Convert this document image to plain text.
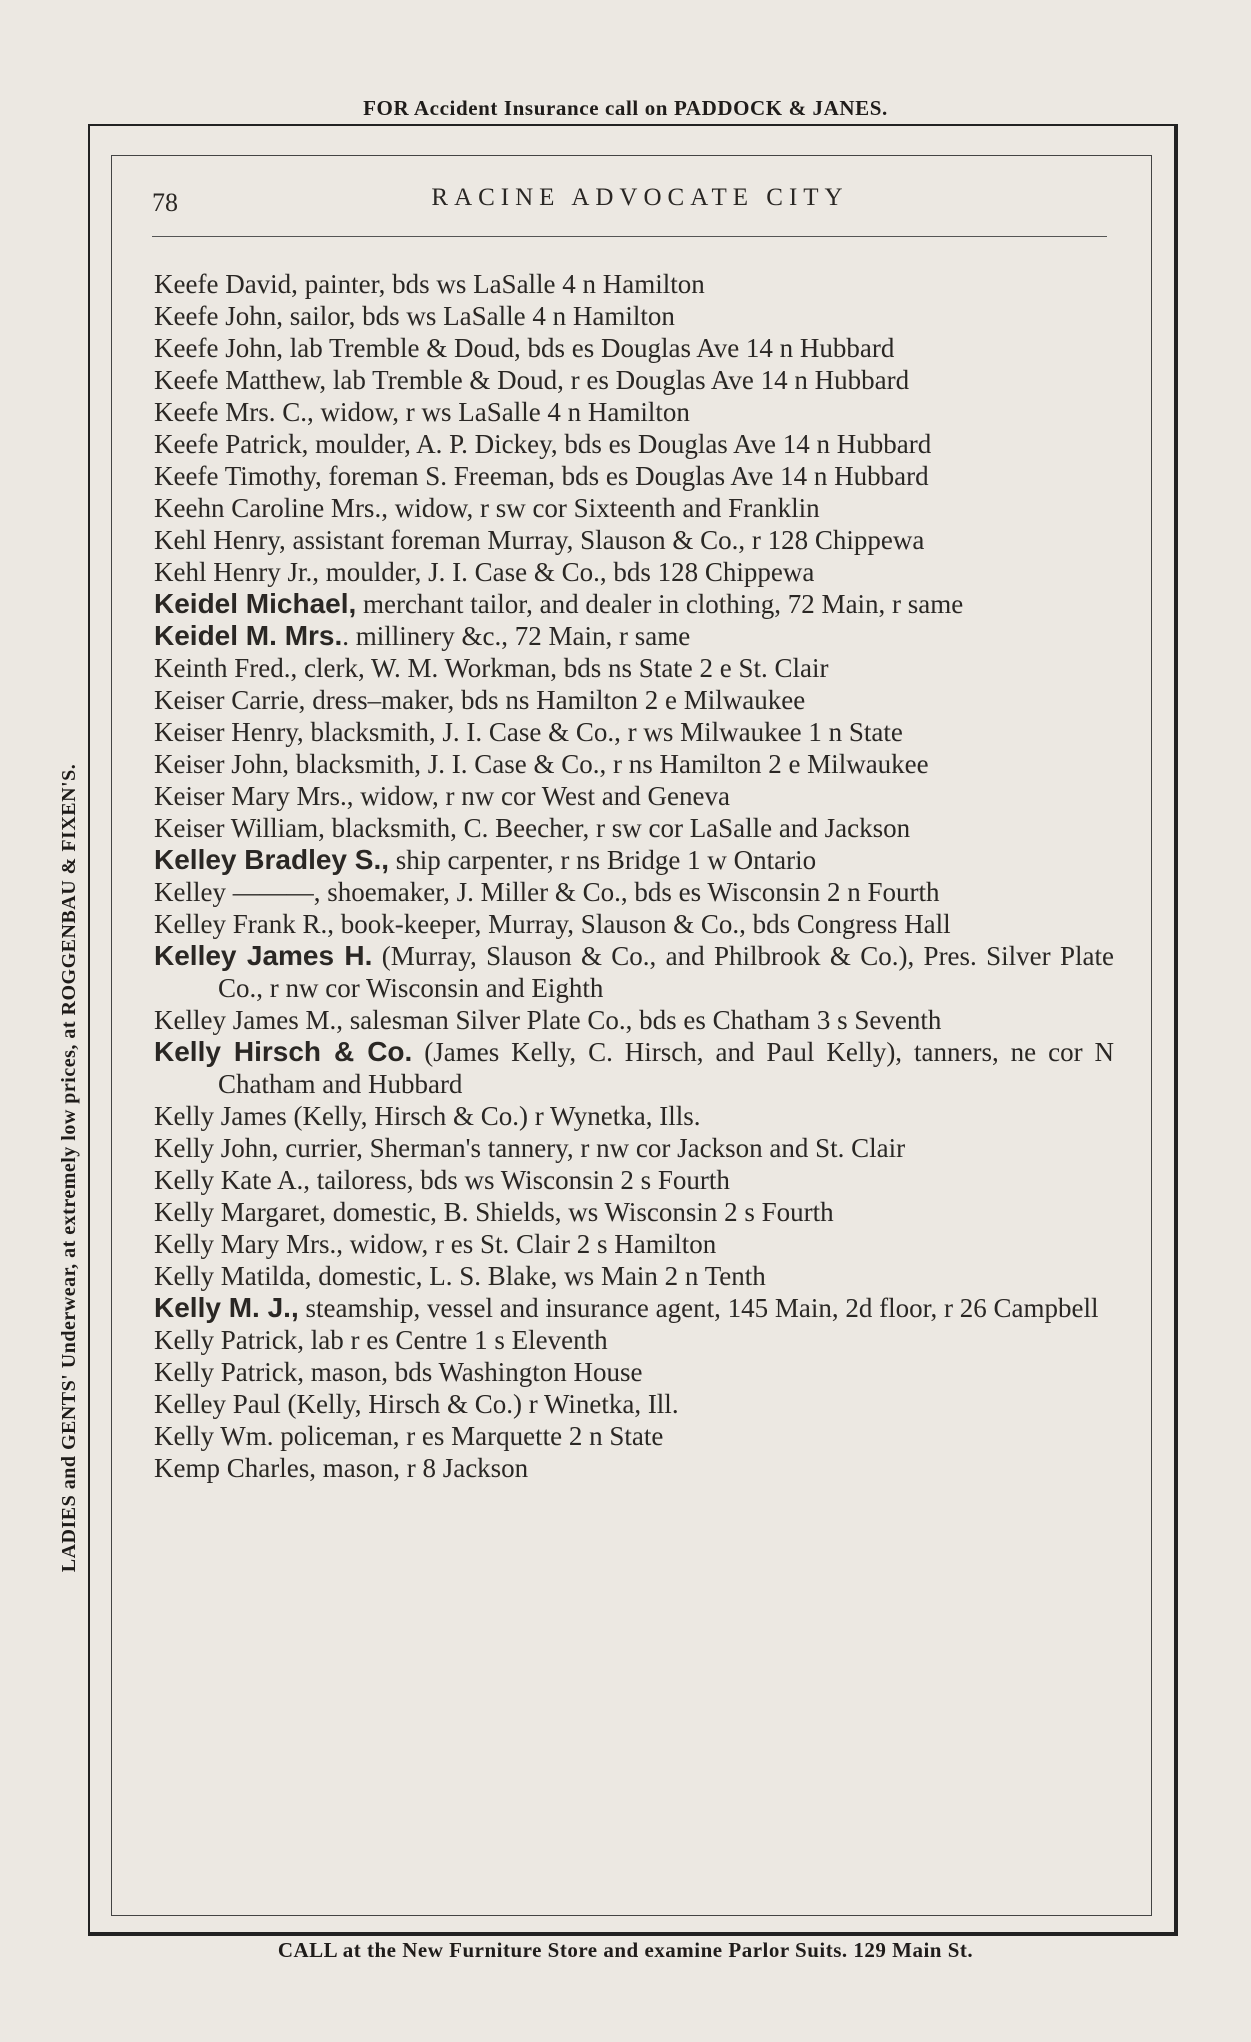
FOR Accident Insurance call on PADDOCK & JANES.
LADIES and GENTS' Underwear, at extremely low prices, at ROGGENBAU & FIXEN'S.
78	RACINE ADVOCATE CITY
Keefe David, painter, bds ws LaSalle 4 n Hamilton
Keefe John, sailor, bds ws LaSalle 4 n Hamilton
Keefe John, lab Tremble & Doud, bds es Douglas Ave 14 n Hubbard
Keefe Matthew, lab Tremble & Doud, r es Douglas Ave 14 n Hubbard
Keefe Mrs. C., widow, r ws LaSalle 4 n Hamilton
Keefe Patrick, moulder, A. P. Dickey, bds es Douglas Ave 14 n Hubbard
Keefe Timothy, foreman S. Freeman, bds es Douglas Ave 14 n Hubbard
Keehn Caroline Mrs., widow, r sw cor Sixteenth and Franklin
Kehl Henry, assistant foreman Murray, Slauson & Co., r 128 Chippewa
Kehl Henry Jr., moulder, J. I. Case & Co., bds 128 Chippewa
Keidel Michael, merchant tailor, and dealer in clothing, 72 Main, r same
Keidel M. Mrs.. millinery &c., 72 Main, r same
Keinth Fred., clerk, W. M. Workman, bds ns State 2 e St. Clair
Keiser Carrie, dress–maker, bds ns Hamilton 2 e Milwaukee
Keiser Henry, blacksmith, J. I. Case & Co., r ws Milwaukee 1 n State
Keiser John, blacksmith, J. I. Case & Co., r ns Hamilton 2 e Milwaukee
Keiser Mary Mrs., widow, r nw cor West and Geneva
Keiser William, blacksmith, C. Beecher, r sw cor LaSalle and Jackson
Kelley Bradley S., ship carpenter, r ns Bridge 1 w Ontario
Kelley ———, shoemaker, J. Miller & Co., bds es Wisconsin 2 n Fourth
Kelley Frank R., book-keeper, Murray, Slauson & Co., bds Congress Hall
Kelley James H. (Murray, Slauson & Co., and Philbrook & Co.), Pres. Silver Plate Co., r nw cor Wisconsin and Eighth
Kelley James M., salesman Silver Plate Co., bds es Chatham 3 s Seventh
Kelly Hirsch & Co. (James Kelly, C. Hirsch, and Paul Kelly), tanners, ne cor N Chatham and Hubbard
Kelly James (Kelly, Hirsch & Co.) r Wynetka, Ills.
Kelly John, currier, Sherman's tannery, r nw cor Jackson and St. Clair
Kelly Kate A., tailoress, bds ws Wisconsin 2 s Fourth
Kelly Margaret, domestic, B. Shields, ws Wisconsin 2 s Fourth
Kelly Mary Mrs., widow, r es St. Clair 2 s Hamilton
Kelly Matilda, domestic, L. S. Blake, ws Main 2 n Tenth
Kelly M. J., steamship, vessel and insurance agent, 145 Main, 2d floor, r 26 Campbell
Kelly Patrick, lab r es Centre 1 s Eleventh
Kelly Patrick, mason, bds Washington House
Kelley Paul (Kelly, Hirsch & Co.) r Winetka, Ill.
Kelly Wm. policeman, r es Marquette 2 n State
Kemp Charles, mason, r 8 Jackson
CALL at the New Furniture Store and examine Parlor Suits. 129 Main St.
